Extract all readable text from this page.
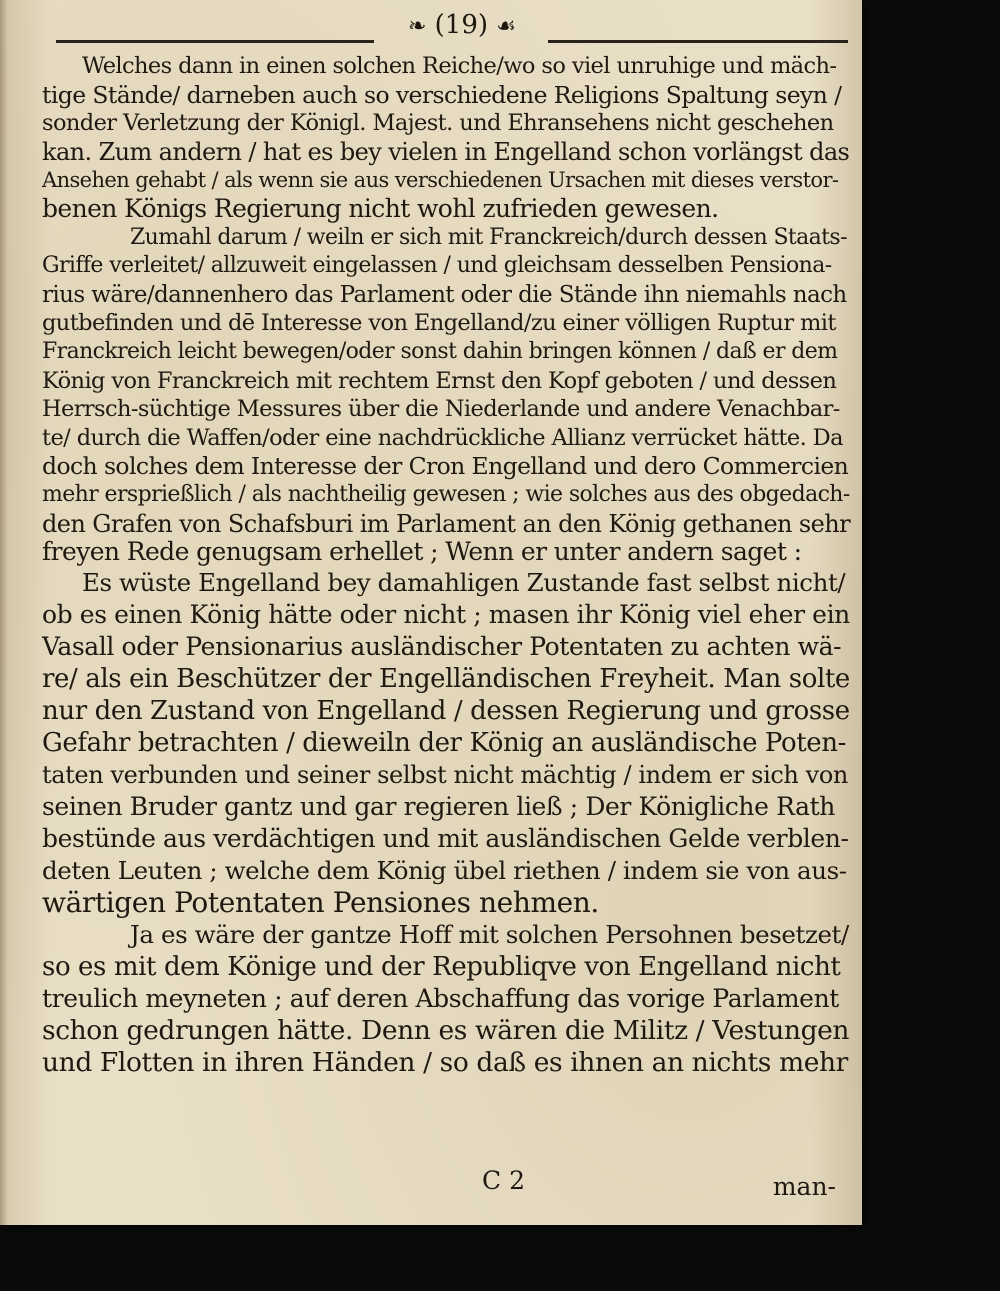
❧ (19) ☙
Welches dann in einen solchen Reiche/wo so viel unruhige und mäch-
tige Stände/ darneben auch so verschiedene Religions Spaltung seyn /
sonder Verletzung der Königl. Majest. und Ehransehens nicht geschehen
kan. Zum andern / hat es bey vielen in Engelland schon vorlängst das
Ansehen gehabt / als wenn sie aus verschiedenen Ursachen mit dieses verstor-
benen Königs Regierung nicht wohl zufrieden gewesen.
Zumahl darum / weiln er sich mit Franckreich/durch dessen Staats-
Griffe verleitet/ allzuweit eingelassen / und gleichsam desselben Pensiona-
rius wäre/dannenhero das Parlament oder die Stände ihn niemahls nach
gutbefinden und dē Interesse von Engelland/zu einer völligen Ruptur mit
Franckreich leicht bewegen/oder sonst dahin bringen können / daß er dem
König von Franckreich mit rechtem Ernst den Kopf geboten / und dessen
Herrsch-süchtige Messures über die Niederlande und andere Venachbar-
te/ durch die Waffen/oder eine nachdrückliche Allianz verrücket hätte. Da
doch solches dem Interesse der Cron Engelland und dero Commercien
mehr ersprießlich / als nachtheilig gewesen ; wie solches aus des obgedach-
den Grafen von Schafsburi im Parlament an den König gethanen sehr
freyen Rede genugsam erhellet ; Wenn er unter andern saget :
Es wüste Engelland bey damahligen Zustande fast selbst nicht/
ob es einen König hätte oder nicht ; masen ihr König viel eher ein
Vasall oder Pensionarius ausländischer Potentaten zu achten wä-
re/ als ein Beschützer der Engelländischen Freyheit. Man solte
nur den Zustand von Engelland / dessen Regierung und grosse
Gefahr betrachten / dieweiln der König an ausländische Poten-
taten verbunden und seiner selbst nicht mächtig / indem er sich von
seinen Bruder gantz und gar regieren ließ ; Der Königliche Rath
bestünde aus verdächtigen und mit ausländischen Gelde verblen-
deten Leuten ; welche dem König übel riethen / indem sie von aus-
wärtigen Potentaten Pensiones nehmen.
Ja es wäre der gantze Hoff mit solchen Persohnen besetzet/
so es mit dem Könige und der Republiqve von Engelland nicht
treulich meyneten ; auf deren Abschaffung das vorige Parlament
schon gedrungen hätte. Denn es wären die Militz / Vestungen
und Flotten in ihren Händen / so daß es ihnen an nichts mehr
C 2	man-
